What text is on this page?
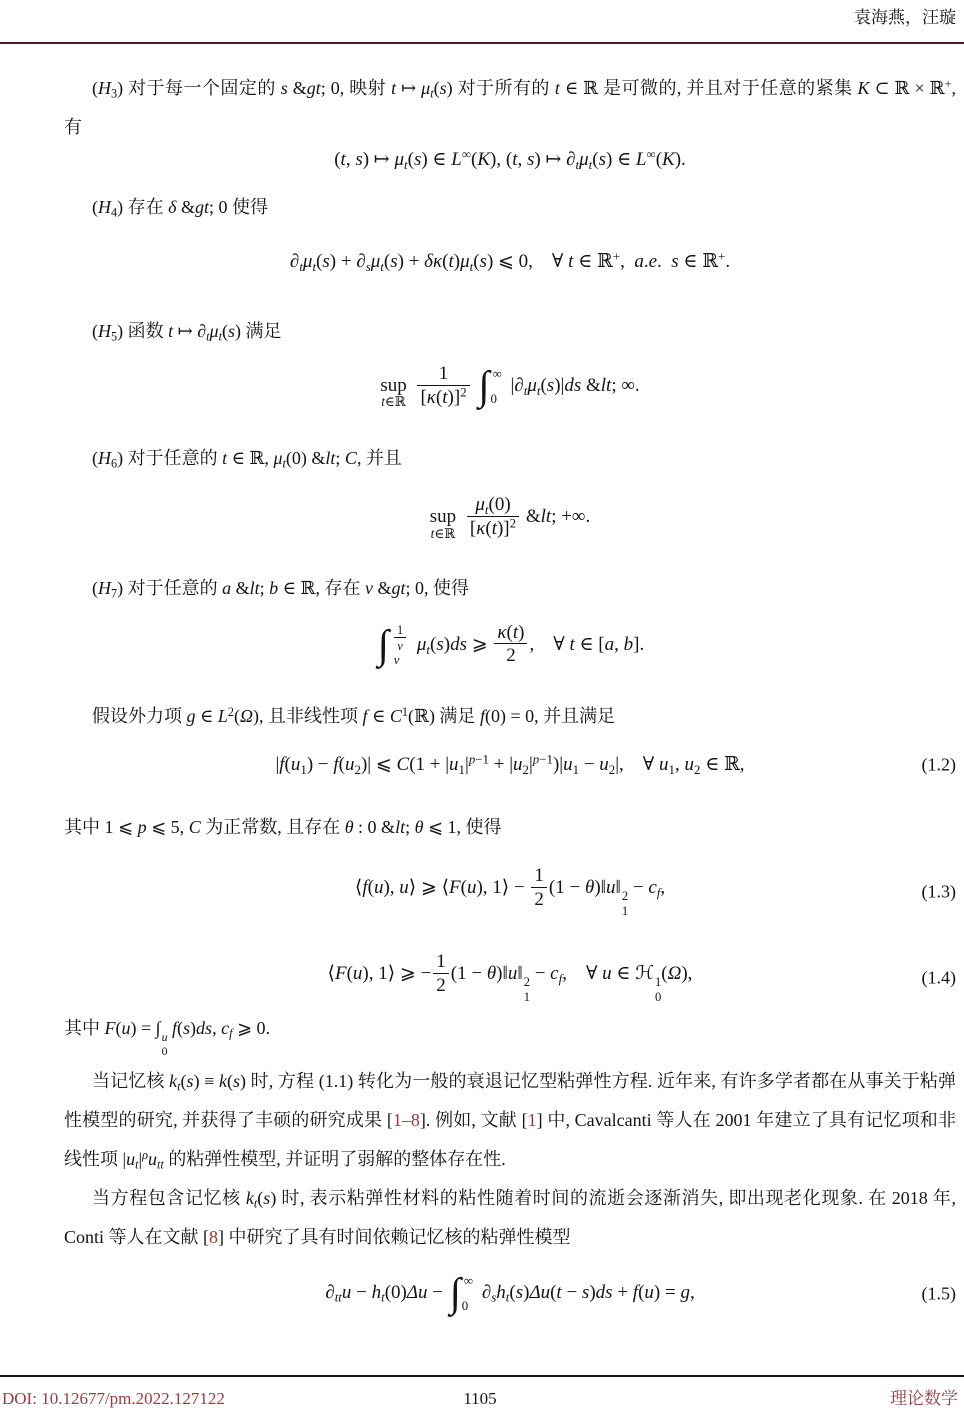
袁海燕，汪璇

$(H_3)$ 对于每一个固定的 s &gt; 0, 映射 t ↦ $\mu_t(s)$ 对于所有的 t ∈ ℝ 是可微的, 并且对于任意的紧集 K ⊂ ℝ × ℝ+, 有

(t, s) ↦ $\mu_t(s)$ ∈ L∞(K), (t, s) ↦ $\partial_t\mu_t(s)$ ∈ L∞(K).

$(H_4)$ 存在 δ &gt; 0 使得

$\partial_t\mu_t(s) + \partial_s\mu_t(s) + \delta\kappa(t)\mu_t(s)$ ⩽ 0, ∀ t ∈ ℝ+, a.e. s ∈ ℝ+.

$(H_5)$ 函数 t ↦ $\partial_t\mu_t(s)$ 满足

sup
t∈ℝ
$\frac{1}{[\kappa(t)]^2}$
∫ ∞
0
$|\partial_t\mu_t(s)|ds$ &lt; ∞.

$(H_6)$ 对于任意的 t ∈ ℝ, $\mu_t(0)$ &lt; C, 并且

sup
t∈ℝ
$\frac{\mu_t(0)}{[\kappa(t)]^2}$ &lt; +∞.

$(H_7)$ 对于任意的 a &lt; b ∈ ℝ, 存在 ν &gt; 0, 使得

∫ $\frac{1}{\nu}$
ν
$\mu_t(s)ds$ ⩾ $\frac{\kappa(t)}{2}$ , ∀ t ∈ [a, b].

假设外力项 g ∈ $L^2(\Omega)$, 且非线性项 f ∈ $C^1(ℝ)$ 满足 f(0) = 0, 并且满足

$|f(u_1) - f(u_2)|$ ⩽ $C(1 + |u_1|^{p-1} + |u_2|^{p-1})|u_1 - u_2|$, ∀ $u_1$, $u_2$ ∈ ℝ,	(1.2)

其中 1 ⩽ p ⩽ 5, C 为正常数, 且存在 θ : 0 &lt; θ ⩽ 1, 使得

⟨f(u), u⟩ ⩾ ⟨F(u), 1⟩ − $\frac{1}{2} (1$ − θ)‖u‖ 2
1
− $c_f$,	(1.3)
⟨F(u), 1⟩ ⩾ − $\frac{1}{2} (1$ − θ)‖u‖ 2
1
− $c_f$, ∀ u ∈ ℋ 1
0
(Ω),	(1.4)

其中 F(u) = ∫ u
0
f(s)ds, $c_f$ ⩾ 0.

当记忆核 $k_t(s) \equiv k(s)$ 时, 方程 (1.1) 转化为一般的衰退记忆型粘弹性方程. 近年来, 有许多学者都在从事关于粘弹性模型的研究, 并获得了丰硕的研究成果 [1–8]. 例如, 文献 [1] 中, Cavalcanti 等人在 2001 年建立了具有记忆项和非线性项 $|u_t|^\rho u_{tt}$ 的粘弹性模型, 并证明了弱解的整体存在性.

当方程包含记忆核 $k_t(s)$ 时, 表示粘弹性材料的粘性随着时间的流逝会逐渐消失, 即出现老化现象. 在 2018 年, Conti 等人在文献 [8] 中研究了具有时间依赖记忆核的粘弹性模型

$\partial_{tt}u - h_t(0)\Delta u$ − ∫ ∞
0
$\partial_sh_t(s)\Delta u(t - s)ds + f(u) = g$,	(1.5)
DOI: 10.12677/pm.2022.127122	1105	理论数学
